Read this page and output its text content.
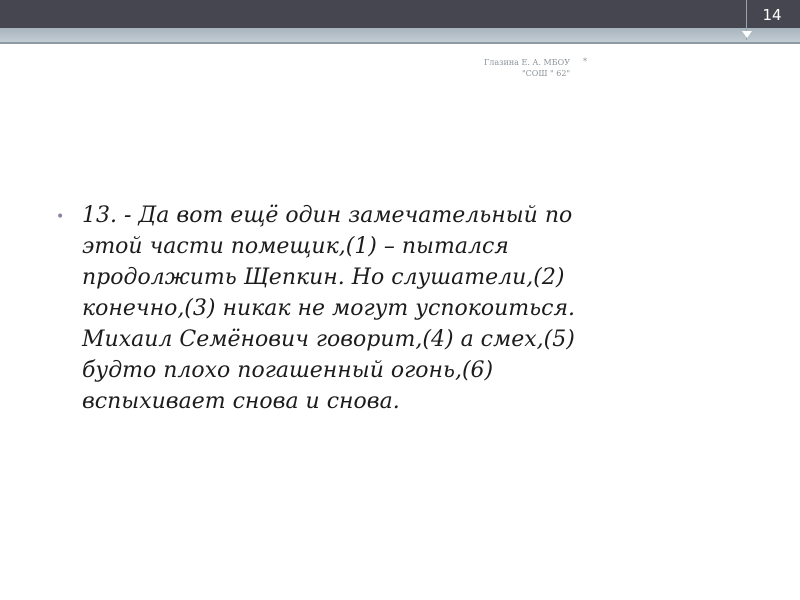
14
Глазина Е. А. МБОУ
"СОШ " 62"
*
• 13. - Да вот ещё один замечательный по
этой части помещик,(1) – пытался
продолжить Щепкин. Но слушатели,(2)
конечно,(3) никак не могут успокоиться.
Михаил Семёнович говорит,(4) а смех,(5)
будто плохо погашенный огонь,(6)
вспыхивает снова и снова.
